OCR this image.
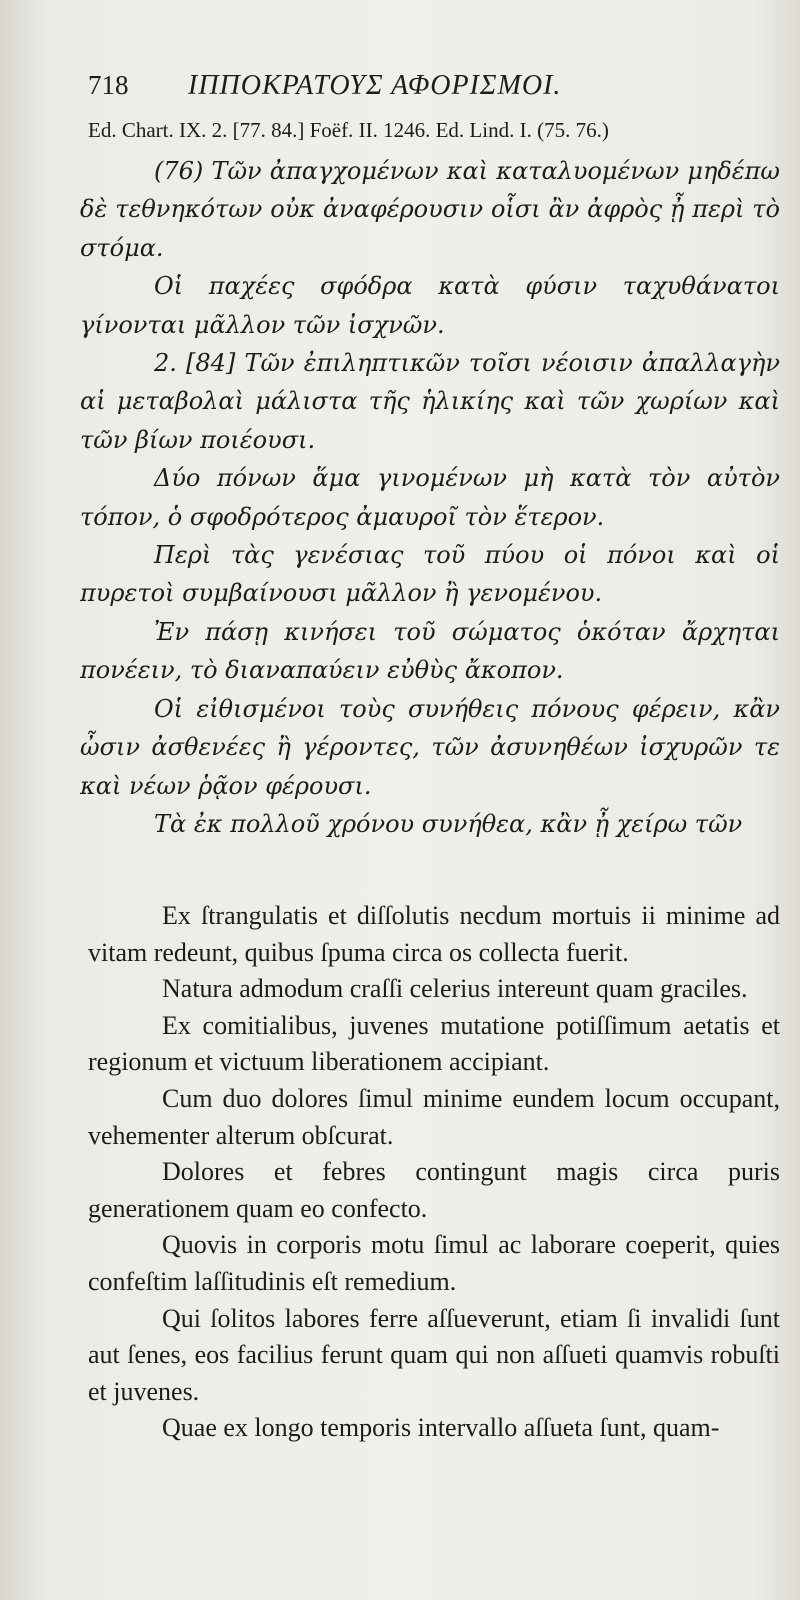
718 ΙΠΠΟΚΡΑΤΟΥΣ ΑΦΟΡΙΣΜΟΙ.
Ed. Chart. IX. 2. [77. 84.] Foëf. II. 1246. Ed. Lind. I. (75. 76.)

(76) Τῶν ἀπαγχομένων καὶ καταλυομένων μηδέπω δὲ τεθνηκότων οὐκ ἀναφέρουσιν οἷσι ἂν ἀφρὸς ᾖ περὶ τὸ στόμα.

Οἱ παχέες σφόδρα κατὰ φύσιν ταχυθάνατοι γίνονται μᾶλλον τῶν ἰσχνῶν.

2. [84] Τῶν ἐπιληπτικῶν τοῖσι νέοισιν ἀπαλλαγὴν αἱ μεταβολαὶ μάλιστα τῆς ἡλικίης καὶ τῶν χωρίων καὶ τῶν βίων ποιέουσι.

Δύο πόνων ἅμα γινομένων μὴ κατὰ τὸν αὐτὸν τόπον, ὁ σφοδρότερος ἀμαυροῖ τὸν ἕτερον.

Περὶ τὰς γενέσιας τοῦ πύου οἱ πόνοι καὶ οἱ πυρετοὶ συμβαίνουσι μᾶλλον ἢ γενομένου.

Ἐν πάσῃ κινήσει τοῦ σώματος ὁκόταν ἄρχηται πονέειν, τὸ διαναπαύειν εὐθὺς ἄκοπον.

Οἱ εἰθισμένοι τοὺς συνήθεις πόνους φέρειν, κἂν ὦσιν ἀσθενέες ἢ γέροντες, τῶν ἀσυνηθέων ἰσχυρῶν τε καὶ νέων ῥᾷον φέρουσι.

Τὰ ἐκ πολλοῦ χρόνου συνήθεα, κἂν ᾖ χείρω τῶν

Ex ſtrangulatis et diſſolutis necdum mortuis ii minime ad vitam redeunt, quibus ſpuma circa os collecta fuerit.

Natura admodum craſſi celerius intereunt quam graciles.

Ex comitialibus, juvenes mutatione potiſſimum aetatis et regionum et victuum liberationem accipiant.

Cum duo dolores ſimul minime eundem locum occupant, vehementer alterum obſcurat.

Dolores et febres contingunt magis circa puris generationem quam eo confecto.

Quovis in corporis motu ſimul ac laborare coeperit, quies confeſtim laſſitudinis eſt remedium.

Qui ſolitos labores ferre aſſueverunt, etiam ſi invalidi ſunt aut ſenes, eos facilius ferunt quam qui non aſſueti quamvis robuſti et juvenes.

Quae ex longo temporis intervallo aſſueta ſunt, quam-
